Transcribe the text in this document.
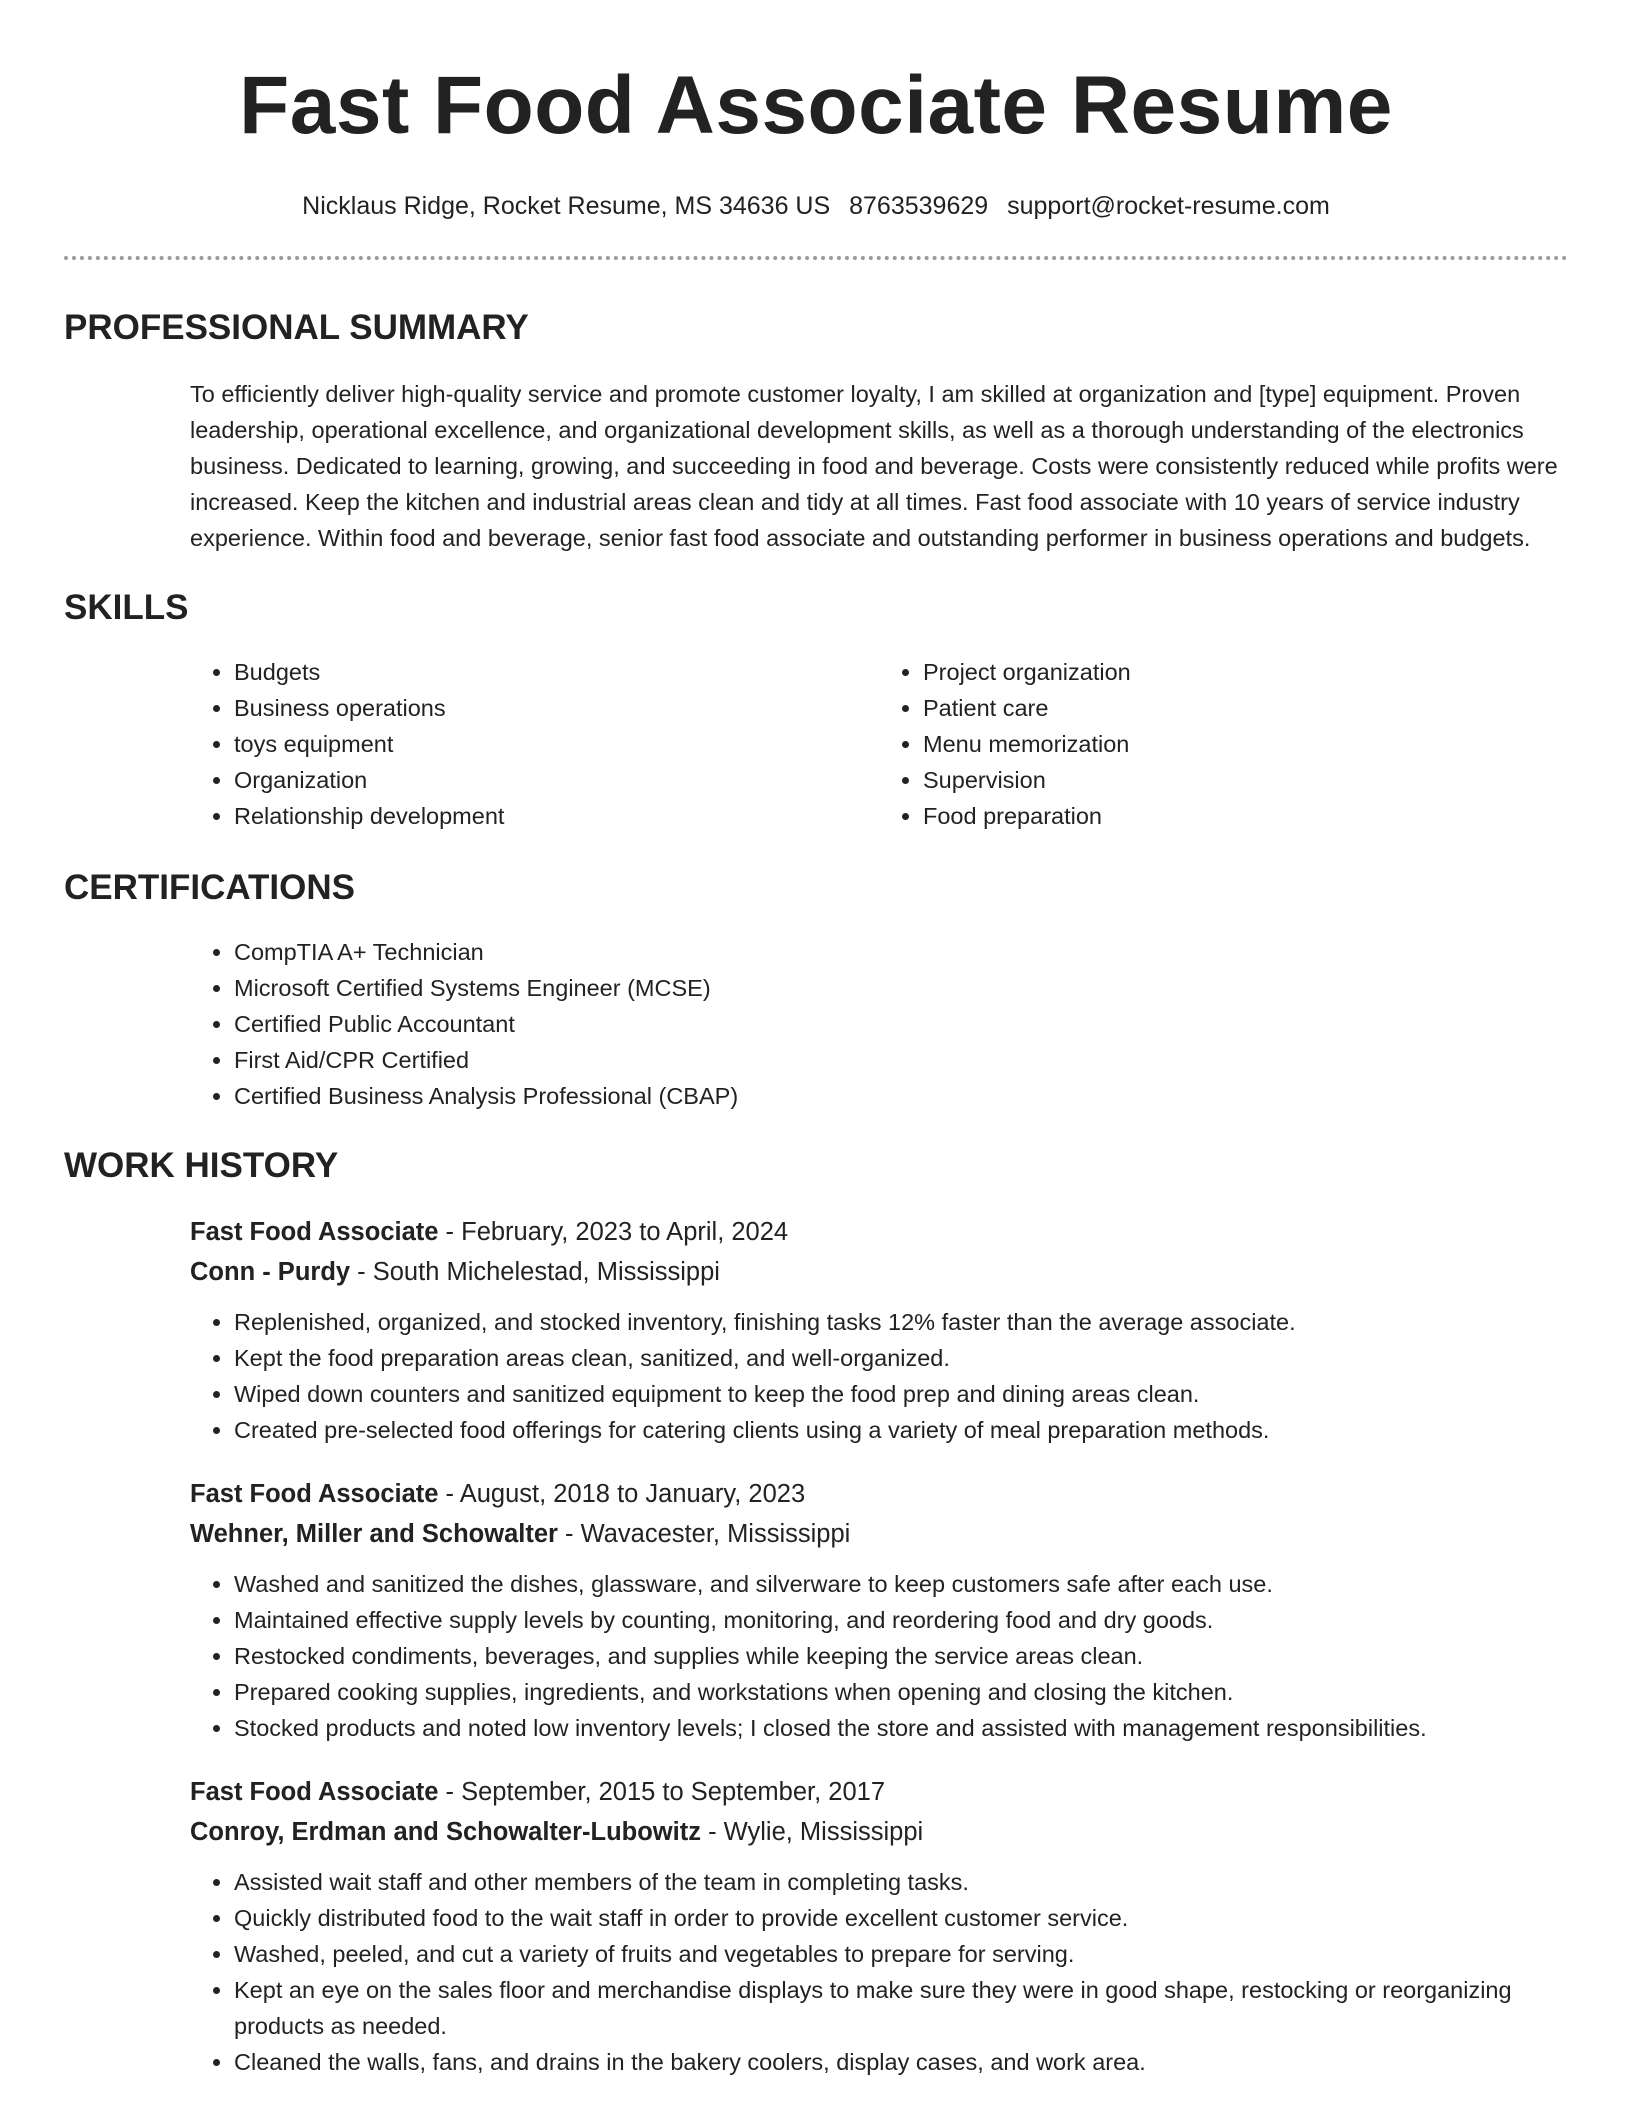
Fast Food Associate Resume
Nicklaus Ridge, Rocket Resume, MS 34636 US 8763539629 support@rocket-resume.com
PROFESSIONAL SUMMARY

To efficiently deliver high-quality service and promote customer loyalty, I am skilled at organization and [type] equipment. Proven leadership, operational excellence, and organizational development skills, as well as a thorough understanding of the electronics business. Dedicated to learning, growing, and succeeding in food and beverage. Costs were consistently reduced while profits were increased. Keep the kitchen and industrial areas clean and tidy at all times. Fast food associate with 10 years of service industry experience. Within food and beverage, senior fast food associate and outstanding performer in business operations and budgets.

SKILLS
• Budgets
• Business operations
• toys equipment
• Organization
• Relationship development
• Project organization
• Patient care
• Menu memorization
• Supervision
• Food preparation
CERTIFICATIONS
• CompTIA A+ Technician
• Microsoft Certified Systems Engineer (MCSE)
• Certified Public Accountant
• First Aid/CPR Certified
• Certified Business Analysis Professional (CBAP)
WORK HISTORY
Fast Food Associate - February, 2023 to April, 2024
Conn - Purdy - South Michelestad, Mississippi
• Replenished, organized, and stocked inventory, finishing tasks 12% faster than the average associate.
• Kept the food preparation areas clean, sanitized, and well-organized.
• Wiped down counters and sanitized equipment to keep the food prep and dining areas clean.
• Created pre-selected food offerings for catering clients using a variety of meal preparation methods.
Fast Food Associate - August, 2018 to January, 2023
Wehner, Miller and Schowalter - Wavacester, Mississippi
• Washed and sanitized the dishes, glassware, and silverware to keep customers safe after each use.
• Maintained effective supply levels by counting, monitoring, and reordering food and dry goods.
• Restocked condiments, beverages, and supplies while keeping the service areas clean.
• Prepared cooking supplies, ingredients, and workstations when opening and closing the kitchen.
• Stocked products and noted low inventory levels; I closed the store and assisted with management responsibilities.
Fast Food Associate - September, 2015 to September, 2017
Conroy, Erdman and Schowalter-Lubowitz - Wylie, Mississippi
• Assisted wait staff and other members of the team in completing tasks.
• Quickly distributed food to the wait staff in order to provide excellent customer service.
• Washed, peeled, and cut a variety of fruits and vegetables to prepare for serving.
• Kept an eye on the sales floor and merchandise displays to make sure they were in good shape, restocking or reorganizing products as needed.
• Cleaned the walls, fans, and drains in the bakery coolers, display cases, and work area.
